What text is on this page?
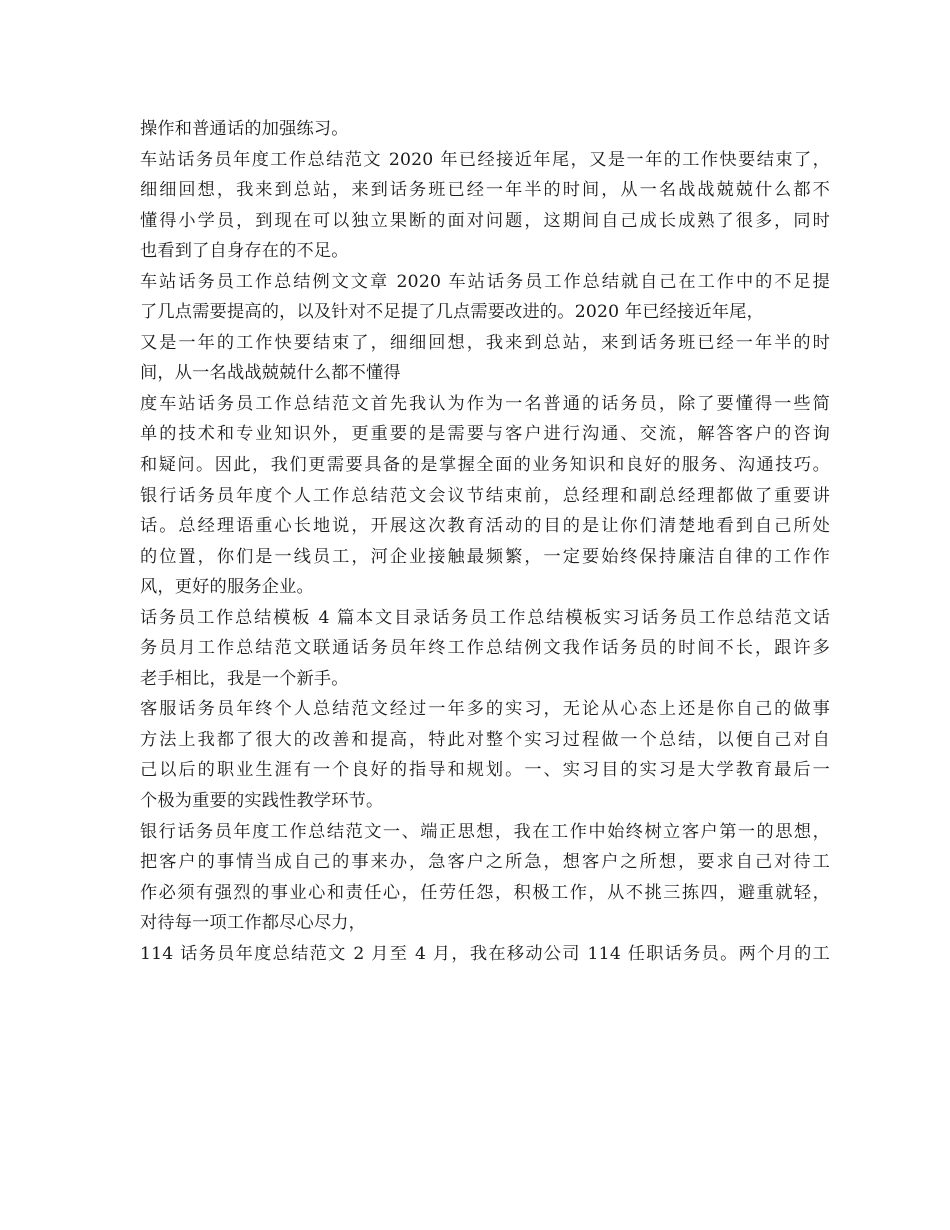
操作和普通话的加强练习。
车站话务员年度工作总结范文 2020 年已经接近年尾，又是一年的工作快要结束了，
细细回想，我来到总站，来到话务班已经一年半的时间，从一名战战兢兢什么都不
懂得小学员，到现在可以独立果断的面对问题，这期间自己成长成熟了很多，同时
也看到了自身存在的不足。
车站话务员工作总结例文文章 2020 车站话务员工作总结就自己在工作中的不足提
了几点需要提高的，以及针对不足提了几点需要改进的。2020 年已经接近年尾，
又是一年的工作快要结束了，细细回想，我来到总站，来到话务班已经一年半的时
间，从一名战战兢兢什么都不懂得
度车站话务员工作总结范文首先我认为作为一名普通的话务员，除了要懂得一些简
单的技术和专业知识外，更重要的是需要与客户进行沟通、交流，解答客户的咨询
和疑问。因此，我们更需要具备的是掌握全面的业务知识和良好的服务、沟通技巧。
银行话务员年度个人工作总结范文会议节结束前，总经理和副总经理都做了重要讲
话。总经理语重心长地说，开展这次教育活动的目的是让你们清楚地看到自己所处
的位置，你们是一线员工，河企业接触最频繁，一定要始终保持廉洁自律的工作作
风，更好的服务企业。
话务员工作总结模板 4 篇本文目录话务员工作总结模板实习话务员工作总结范文话
务员月工作总结范文联通话务员年终工作总结例文我作话务员的时间不长，跟许多
老手相比，我是一个新手。
客服话务员年终个人总结范文经过一年多的实习，无论从心态上还是你自己的做事
方法上我都了很大的改善和提高，特此对整个实习过程做一个总结，以便自己对自
己以后的职业生涯有一个良好的指导和规划。一、实习目的实习是大学教育最后一
个极为重要的实践性教学环节。
银行话务员年度工作总结范文一、端正思想，我在工作中始终树立客户第一的思想，
把客户的事情当成自己的事来办，急客户之所急，想客户之所想，要求自己对待工
作必须有强烈的事业心和责任心，任劳任怨，积极工作，从不挑三拣四，避重就轻，
对待每一项工作都尽心尽力，
114 话务员年度总结范文 2 月至 4 月，我在移动公司 114 任职话务员。两个月的工
